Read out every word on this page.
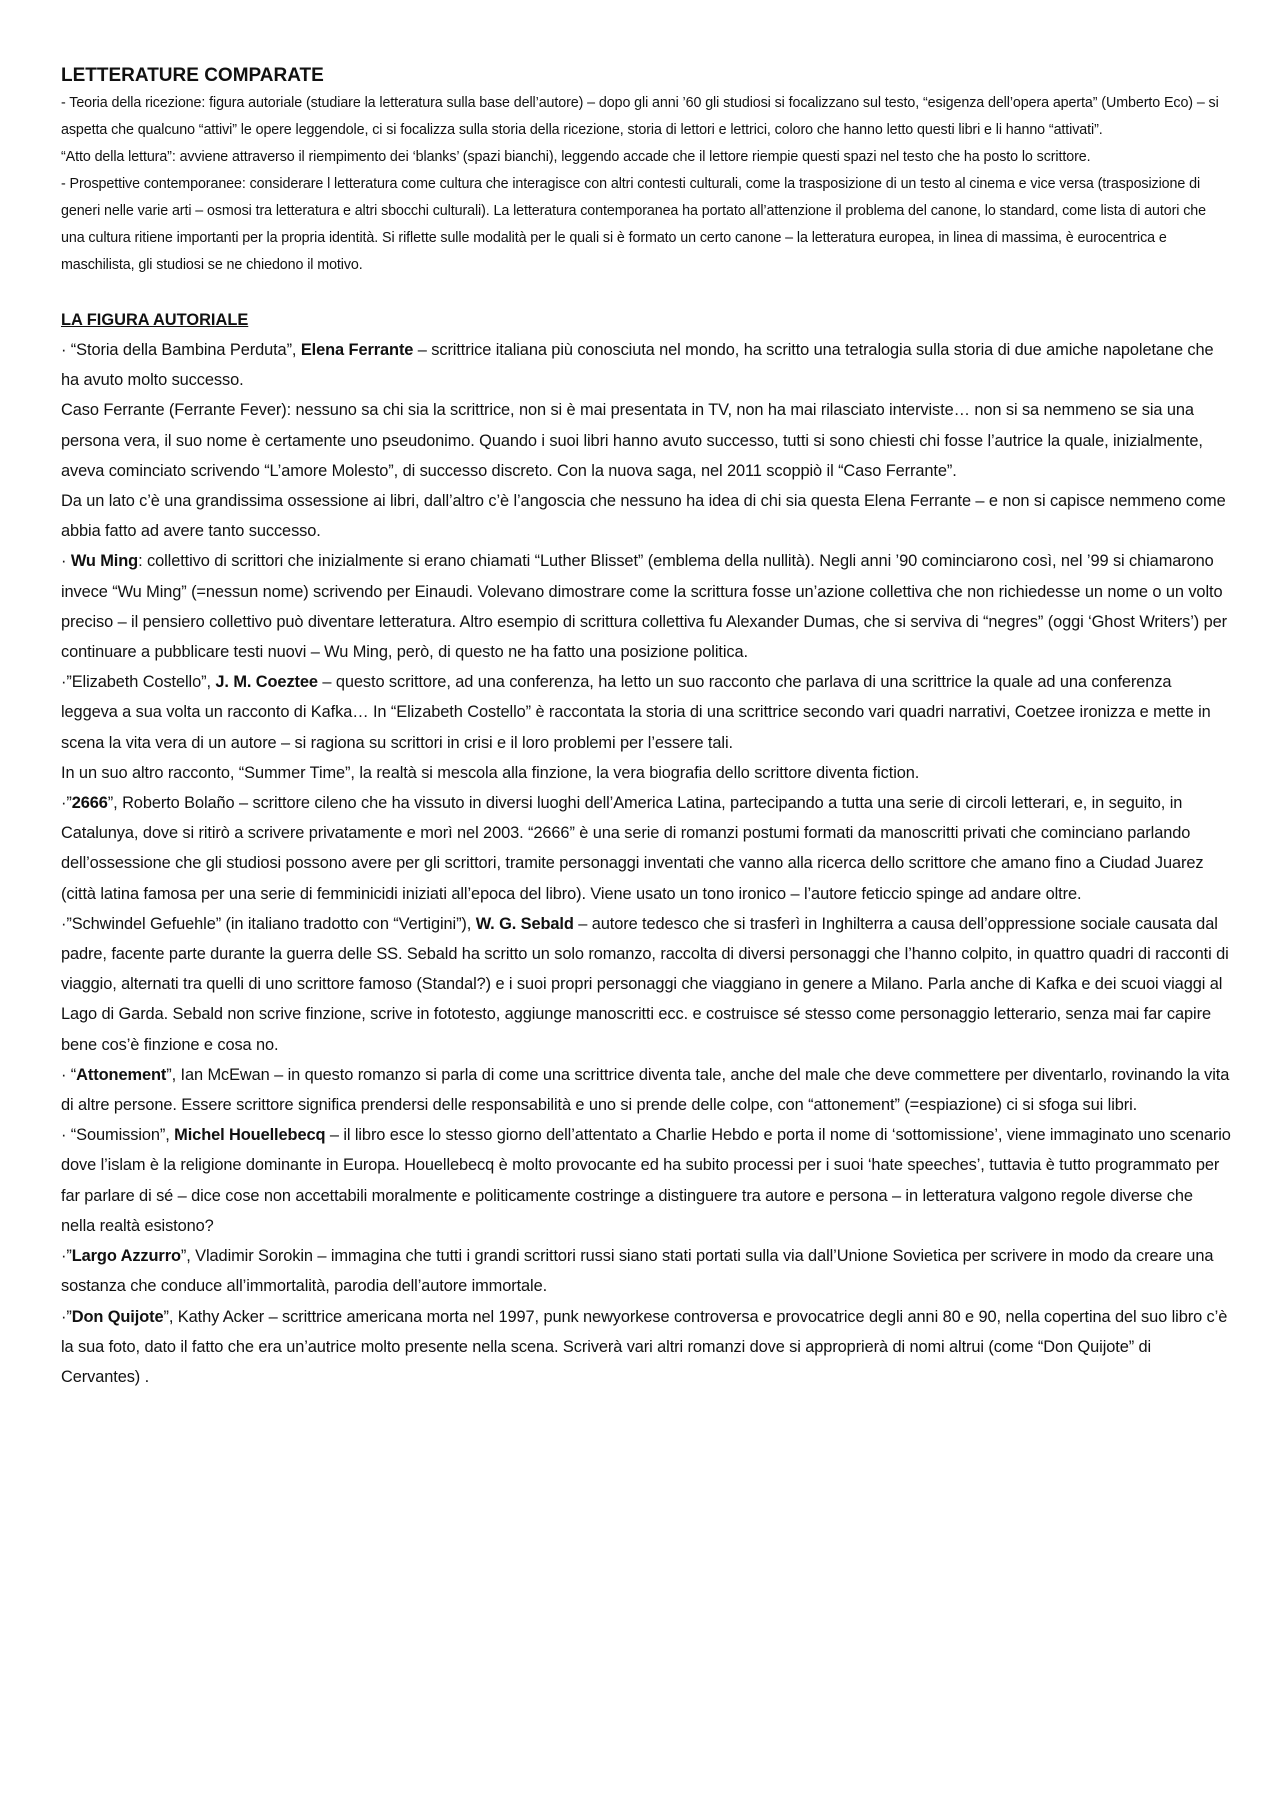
LETTERATURE COMPARATE

- Teoria della ricezione: figura autoriale (studiare la letteratura sulla base dell’autore) – dopo gli anni ’60 gli studiosi si focalizzano sul testo, “esigenza dell’opera aperta” (Umberto Eco) – si aspetta che qualcuno “attivi” le opere leggendole, ci si focalizza sulla storia della ricezione, storia di lettori e lettrici, coloro che hanno letto questi libri e li hanno “attivati”.

“Atto della lettura”: avviene attraverso il riempimento dei ‘blanks’ (spazi bianchi), leggendo accade che il lettore riempie questi spazi nel testo che ha posto lo scrittore.

- Prospettive contemporanee: considerare l letteratura come cultura che interagisce con altri contesti culturali, come la trasposizione di un testo al cinema e vice versa (trasposizione di generi nelle varie arti – osmosi tra letteratura e altri sbocchi culturali). La letteratura contemporanea ha portato all’attenzione il problema del canone, lo standard, come lista di autori che una cultura ritiene importanti per la propria identità. Si riflette sulle modalità per le quali si è formato un certo canone – la letteratura europea, in linea di massima, è eurocentrica e maschilista, gli studiosi se ne chiedono il motivo.

LA FIGURA AUTORIALE

· “Storia della Bambina Perduta”, Elena Ferrante – scrittrice italiana più conosciuta nel mondo, ha scritto una tetralogia sulla storia di due amiche napoletane che ha avuto molto successo.

Caso Ferrante (Ferrante Fever): nessuno sa chi sia la scrittrice, non si è mai presentata in TV, non ha mai rilasciato interviste… non si sa nemmeno se sia una persona vera, il suo nome è certamente uno pseudonimo. Quando i suoi libri hanno avuto successo, tutti si sono chiesti chi fosse l’autrice la quale, inizialmente, aveva cominciato scrivendo “L’amore Molesto”, di successo discreto. Con la nuova saga, nel 2011 scoppiò il “Caso Ferrante”.

Da un lato c’è una grandissima ossessione ai libri, dall’altro c’è l’angoscia che nessuno ha idea di chi sia questa Elena Ferrante – e non si capisce nemmeno come abbia fatto ad avere tanto successo.

· Wu Ming: collettivo di scrittori che inizialmente si erano chiamati “Luther Blisset” (emblema della nullità). Negli anni ’90 cominciarono così, nel ’99 si chiamarono invece “Wu Ming” (=nessun nome) scrivendo per Einaudi. Volevano dimostrare come la scrittura fosse un’azione collettiva che non richiedesse un nome o un volto preciso – il pensiero collettivo può diventare letteratura. Altro esempio di scrittura collettiva fu Alexander Dumas, che si serviva di “negres” (oggi ‘Ghost Writers’) per continuare a pubblicare testi nuovi – Wu Ming, però, di questo ne ha fatto una posizione politica.

·”Elizabeth Costello”, J. M. Coeztee – questo scrittore, ad una conferenza, ha letto un suo racconto che parlava di una scrittrice la quale ad una conferenza leggeva a sua volta un racconto di Kafka… In “Elizabeth Costello” è raccontata la storia di una scrittrice secondo vari quadri narrativi, Coetzee ironizza e mette in scena la vita vera di un autore – si ragiona su scrittori in crisi e il loro problemi per l’essere tali.

In un suo altro racconto, “Summer Time”, la realtà si mescola alla finzione, la vera biografia dello scrittore diventa fiction.

·”2666”, Roberto Bolaño – scrittore cileno che ha vissuto in diversi luoghi dell’America Latina, partecipando a tutta una serie di circoli letterari, e, in seguito, in Catalunya, dove si ritirò a scrivere privatamente e morì nel 2003. “2666” è una serie di romanzi postumi formati da manoscritti privati che cominciano parlando dell’ossessione che gli studiosi possono avere per gli scrittori, tramite personaggi inventati che vanno alla ricerca dello scrittore che amano fino a Ciudad Juarez (città latina famosa per una serie di femminicidi iniziati all’epoca del libro). Viene usato un tono ironico – l’autore feticcio spinge ad andare oltre.

·”Schwindel Gefuehle” (in italiano tradotto con “Vertigini”), W. G. Sebald – autore tedesco che si trasferì in Inghilterra a causa dell’oppressione sociale causata dal padre, facente parte durante la guerra delle SS. Sebald ha scritto un solo romanzo, raccolta di diversi personaggi che l’hanno colpito, in quattro quadri di racconti di viaggio, alternati tra quelli di uno scrittore famoso (Standal?) e i suoi propri personaggi che viaggiano in genere a Milano. Parla anche di Kafka e dei scuoi viaggi al Lago di Garda. Sebald non scrive finzione, scrive in fototesto, aggiunge manoscritti ecc. e costruisce sé stesso come personaggio letterario, senza mai far capire bene cos’è finzione e cosa no.

· “Attonement”, Ian McEwan – in questo romanzo si parla di come una scrittrice diventa tale, anche del male che deve commettere per diventarlo, rovinando la vita di altre persone. Essere scrittore significa prendersi delle responsabilità e uno si prende delle colpe, con “attonement” (=espiazione) ci si sfoga sui libri.

· “Soumission”, Michel Houellebecq – il libro esce lo stesso giorno dell’attentato a Charlie Hebdo e porta il nome di ‘sottomissione’, viene immaginato uno scenario dove l’islam è la religione dominante in Europa. Houellebecq è molto provocante ed ha subito processi per i suoi ‘hate speeches’, tuttavia è tutto programmato per far parlare di sé – dice cose non accettabili moralmente e politicamente costringe a distinguere tra autore e persona – in letteratura valgono regole diverse che nella realtà esistono?

·”Largo Azzurro”, Vladimir Sorokin – immagina che tutti i grandi scrittori russi siano stati portati sulla via dall’Unione Sovietica per scrivere in modo da creare una sostanza che conduce all’immortalità, parodia dell’autore immortale.

·”Don Quijote”, Kathy Acker – scrittrice americana morta nel 1997, punk newyorkese controversa e provocatrice degli anni 80 e 90, nella copertina del suo libro c’è la sua foto, dato il fatto che era un’autrice molto presente nella scena. Scriverà vari altri romanzi dove si approprierà di nomi altrui (come “Don Quijote” di Cervantes) .
